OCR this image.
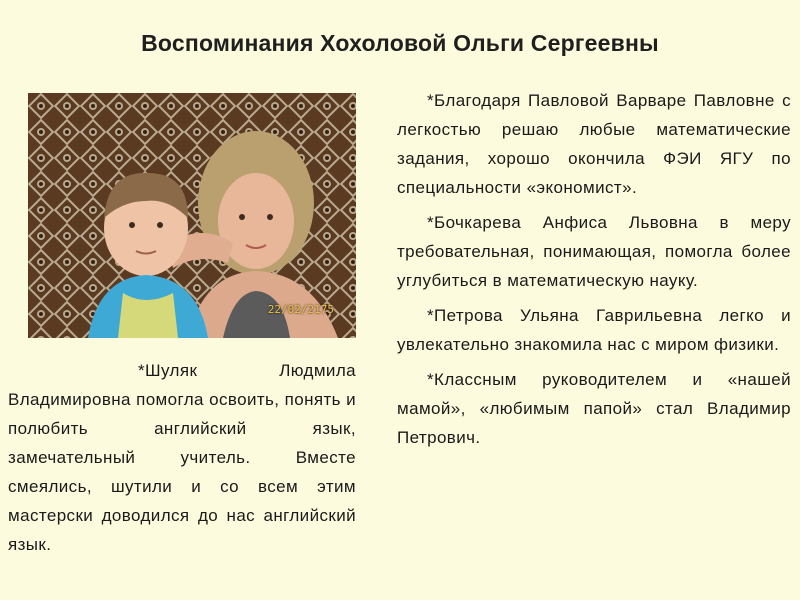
Воспоминания Хохоловой Ольги Сергеевны
22/02/2175

*Благодаря Павловой Варваре Павловне с легкостью решаю любые математические задания, хорошо окончила ФЭИ ЯГУ по специальности «экономист».

*Бочкарева Анфиса Львовна в меру требовательная, понимающая, помогла более углубиться в математическую науку.

*Петрова Ульяна Гаврильевна легко и увлекательно знакомила нас с миром физики.

*Классным руководителем и «нашей мамой», «любимым папой» стал Владимир Петрович.

*Шуляк Людмила Владимировна помогла освоить, понять и полюбить английский язык, замечательный учитель. Вместе смеялись, шутили и со всем этим мастерски доводился до нас английский язык.
